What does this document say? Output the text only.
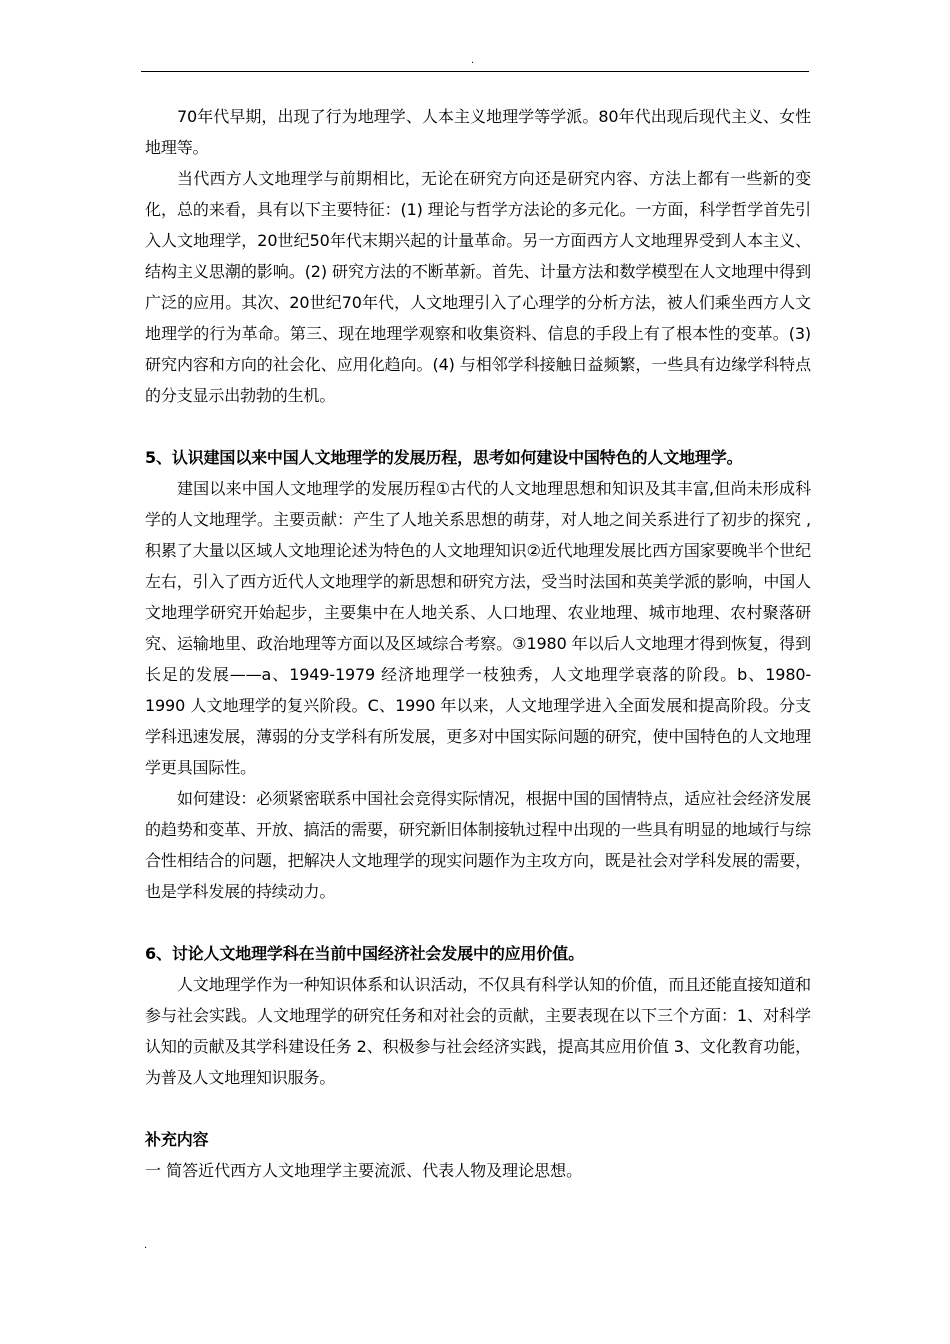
.

70年代早期，出现了行为地理学、人本主义地理学等学派。80年代出现后现代主义、女性地理等。

当代西方人文地理学与前期相比，无论在研究方向还是研究内容、方法上都有一些新的变化，总的来看，具有以下主要特征：(1) 理论与哲学方法论的多元化。一方面，科学哲学首先引入人文地理学，20世纪50年代末期兴起的计量革命。另一方面西方人文地理界受到人本主义、结构主义思潮的影响。(2) 研究方法的不断革新。首先、计量方法和数学模型在人文地理中得到广泛的应用。其次、20世纪70年代，人文地理引入了心理学的分析方法，被人们乘坐西方人文地理学的行为革命。第三、现在地理学观察和收集资料、信息的手段上有了根本性的变革。(3) 研究内容和方向的社会化、应用化趋向。(4) 与相邻学科接触日益频繁，一些具有边缘学科特点的分支显示出勃勃的生机。

5、认识建国以来中国人文地理学的发展历程，思考如何建设中国特色的人文地理学。

建国以来中国人文地理学的发展历程①古代的人文地理思想和知识及其丰富,但尚未形成科学的人文地理学。主要贡献：产生了人地关系思想的萌芽，对人地之间关系进行了初步的探究 ,积累了大量以区域人文地理论述为特色的人文地理知识②近代地理发展比西方国家要晚半个世纪左右，引入了西方近代人文地理学的新思想和研究方法，受当时法国和英美学派的影响，中国人文地理学研究开始起步，主要集中在人地关系、人口地理、农业地理、城市地理、农村聚落研究、运输地里、政治地理等方面以及区域综合考察。③1980 年以后人文地理才得到恢复，得到长足的发展——a、1949-1979 经济地理学一枝独秀，人文地理学衰落的阶段。b、1980-1990 人文地理学的复兴阶段。C、1990 年以来，人文地理学进入全面发展和提高阶段。分支学科迅速发展，薄弱的分支学科有所发展，更多对中国实际问题的研究，使中国特色的人文地理学更具国际性。

如何建设：必须紧密联系中国社会竞得实际情况，根据中国的国情特点，适应社会经济发展的趋势和变革、开放、搞活的需要，研究新旧体制接轨过程中出现的一些具有明显的地域行与综合性相结合的问题，把解决人文地理学的现实问题作为主攻方向，既是社会对学科发展的需要，也是学科发展的持续动力。

6、讨论人文地理学科在当前中国经济社会发展中的应用价值。

人文地理学作为一种知识体系和认识活动，不仅具有科学认知的价值，而且还能直接知道和参与社会实践。人文地理学的研究任务和对社会的贡献，主要表现在以下三个方面：1、对科学认知的贡献及其学科建设任务 2、积极参与社会经济实践，提高其应用价值 3、文化教育功能，为普及人文地理知识服务。

补充内容

一 简答近代西方人文地理学主要流派、代表人物及理论思想。

.
